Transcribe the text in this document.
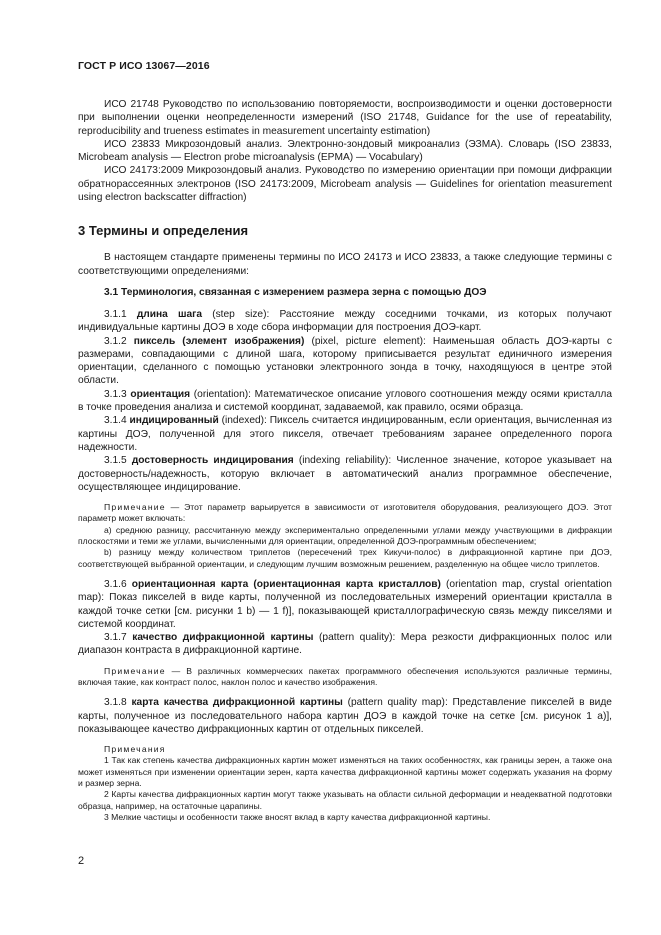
ГОСТ Р ИСО 13067—2016

ИСО 21748 Руководство по использованию повторяемости, воспроизводимости и оценки достоверности при выполнении оценки неопределенности измерений (ISO 21748, Guidance for the use of repeatability, reproducibility and trueness estimates in measurement uncertainty estimation)

ИСО 23833 Микрозондовый анализ. Электронно-зондовый микроанализ (ЭЗМА). Словарь (ISO 23833, Microbeam analysis — Electron probe microanalysis (EPMA) — Vocabulary)

ИСО 24173:2009 Микрозондовый анализ. Руководство по измерению ориентации при помощи дифракции обратнорассеянных электронов (ISO 24173:2009, Microbeam analysis — Guidelines for orientation measurement using electron backscatter diffraction)

3 Термины и определения

В настоящем стандарте применены термины по ИСО 24173 и ИСО 23833, а также следующие термины с соответствующими определениями:

3.1 Терминология, связанная с измерением размера зерна с помощью ДОЭ

3.1.1 длина шага (step size): Расстояние между соседними точками, из которых получают индивидуальные картины ДОЭ в ходе сбора информации для построения ДОЭ-карт.

3.1.2 пиксель (элемент изображения) (pixel, picture element): Наименьшая область ДОЭ-карты с размерами, совпадающими с длиной шага, которому приписывается результат единичного измерения ориентации, сделанного с помощью установки электронного зонда в точку, находящуюся в центре этой области.

3.1.3 ориентация (orientation): Математическое описание углового соотношения между осями кристалла в точке проведения анализа и системой координат, задаваемой, как правило, осями образца.

3.1.4 индицированный (indexed): Пиксель считается индицированным, если ориентация, вычисленная из картины ДОЭ, полученной для этого пикселя, отвечает требованиям заранее определенного порога надежности.

3.1.5 достоверность индицирования (indexing reliability): Численное значение, которое указывает на достоверность/надежность, которую включает в автоматический анализ программное обеспечение, осуществляющее индицирование.

Примечание — Этот параметр варьируется в зависимости от изготовителя оборудования, реализующего ДОЭ. Этот параметр может включать:

a) среднюю разницу, рассчитанную между экспериментально определенными углами между участвующими в дифракции плоскостями и теми же углами, вычисленными для ориентации, определенной ДОЭ-программным обеспечением;

b) разницу между количеством триплетов (пересечений трех Кикучи-полос) в дифракционной картине при ДОЭ, соответствующей выбранной ориентации, и следующим лучшим возможным решением, разделенную на общее число триплетов.

3.1.6 ориентационная карта (ориентационная карта кристаллов) (orientation map, crystal orientation map): Показ пикселей в виде карты, полученной из последовательных измерений ориентации кристалла в каждой точке сетки [см. рисунки 1 b) — 1 f)], показывающей кристаллографическую связь между пикселями и системой координат.

3.1.7 качество дифракционной картины (pattern quality): Мера резкости дифракционных полос или диапазон контраста в дифракционной картине.

Примечание — В различных коммерческих пакетах программного обеспечения используются различные термины, включая такие, как контраст полос, наклон полос и качество изображения.

3.1.8 карта качества дифракционной картины (pattern quality map): Представление пикселей в виде карты, полученное из последовательного набора картин ДОЭ в каждой точке на сетке [см. рисунок 1 a)], показывающее качество дифракционных картин от отдельных пикселей.

Примечания

1 Так как степень качества дифракционных картин может изменяться на таких особенностях, как границы зерен, а также она может изменяться при изменении ориентации зерен, карта качества дифракционной картины может содержать указания на форму и размер зерна.

2 Карты качества дифракционных картин могут также указывать на области сильной деформации и неадекватной подготовки образца, например, на остаточные царапины.

3 Мелкие частицы и особенности также вносят вклад в карту качества дифракционной картины.

2
